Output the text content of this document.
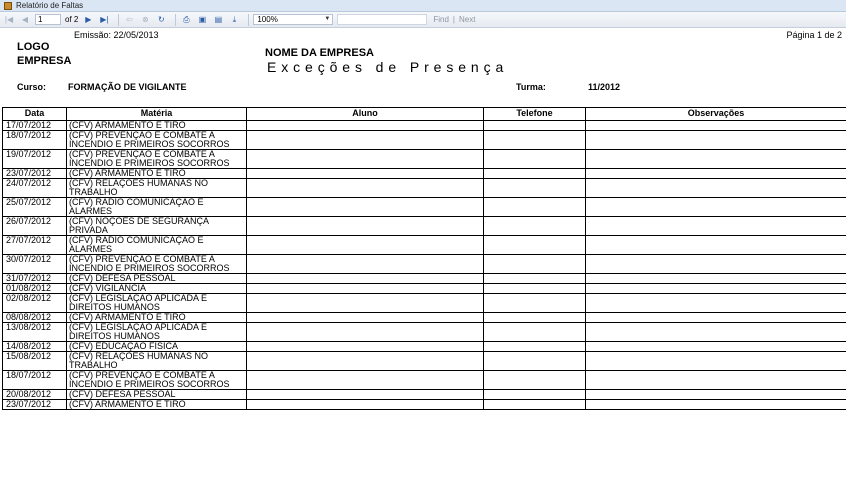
Relatório de Faltas
|◀	◀	1	of 2 ▶	▶|	⇦	⊗	↻	⎙	▣ ▤	⤓	100%	▼	Find | Next
Emissão: 22/05/2013	Página 1 de 2
LOGO
EMPRESA
NOME DA EMPRESA
Exceções de Presença
Curso: FORMAÇÃO DE VIGILANTE	Turma:	11/2012
Data	Matéria	Aluno	Telefone	Observações
17/07/2012	(CFV) ARMAMENTO E TIRO			
18/07/2012	(CFV) PREVENÇÃO E COMBATE A INCENDIO E PRIMEIROS SOCORROS			
19/07/2012	(CFV) PREVENÇÃO E COMBATE A INCENDIO E PRIMEIROS SOCORROS			
23/07/2012	(CFV) ARMAMENTO E TIRO			
24/07/2012	(CFV) RELAÇÕES HUMANAS NO TRABALHO			
25/07/2012	(CFV) RADIO COMUNICAÇÃO E ALARMES			
26/07/2012	(CFV) NOÇÕES DE SEGURANÇA PRIVADA			
27/07/2012	(CFV) RADIO COMUNICAÇÃO E ALARMES			
30/07/2012	(CFV) PREVENÇÃO E COMBATE A INCENDIO E PRIMEIROS SOCORROS			
31/07/2012	(CFV) DEFESA PESSOAL			
01/08/2012	(CFV) VIGILÂNCIA			
02/08/2012	(CFV) LEGISLAÇÃO APLICADA E DIREITOS HUMANOS			
08/08/2012	(CFV) ARMAMENTO E TIRO			
13/08/2012	(CFV) LEGISLAÇÃO APLICADA E DIREITOS HUMANOS			
14/08/2012	(CFV) EDUCAÇÃO FISICA			
15/08/2012	(CFV) RELAÇÕES HUMANAS NO TRABALHO			
18/07/2012	(CFV) PREVENÇÃO E COMBATE A INCENDIO E PRIMEIROS SOCORROS			
20/08/2012	(CFV) DEFESA PESSOAL			
23/07/2012	(CFV) ARMAMENTO E TIRO			
